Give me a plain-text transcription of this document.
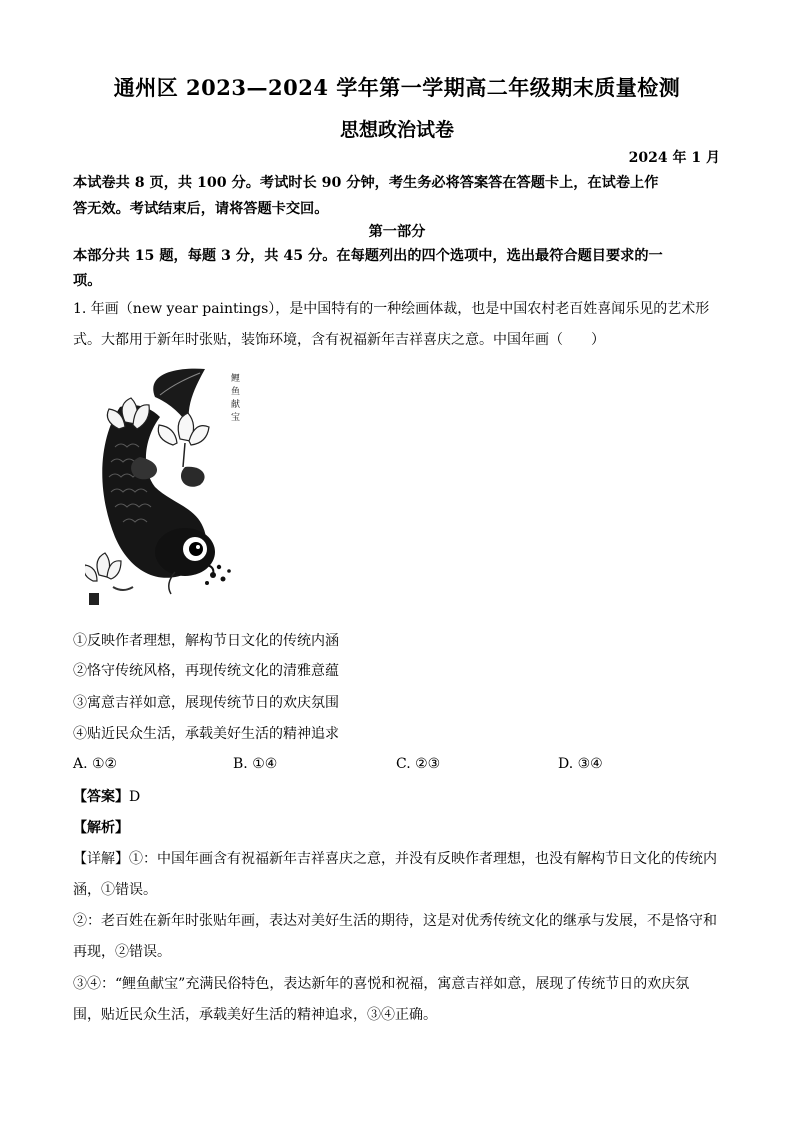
通州区 2023—2024 学年第一学期高二年级期末质量检测
思想政治试卷
2024 年 1 月
本试卷共 8 页，共 100 分。考试时长 90 分钟，考生务必将答案答在答题卡上，在试卷上作
答无效。考试结束后，请将答题卡交回。
第一部分
本部分共 15 题，每题 3 分，共 45 分。在每题列出的四个选项中，选出最符合题目要求的一
项。
1. 年画（new year paintings），是中国特有的一种绘画体裁，也是中国农村老百姓喜闻乐见的艺术形
式。大都用于新年时张贴，装饰环境，含有祝福新年吉祥喜庆之意。中国年画（　　）
鲤
鱼
献
宝
①反映作者理想，解构节日文化的传统内涵
②恪守传统风格，再现传统文化的清雅意蕴
③寓意吉祥如意，展现传统节日的欢庆氛围
④贴近民众生活，承载美好生活的精神追求
A. ①②	B. ①④	C. ②③	D. ③④
【答案】D
【解析】
【详解】①：中国年画含有祝福新年吉祥喜庆之意，并没有反映作者理想，也没有解构节日文化的传统内
涵，①错误。
②：老百姓在新年时张贴年画，表达对美好生活的期待，这是对优秀传统文化的继承与发展，不是恪守和
再现，②错误。
③④：“鲤鱼献宝”充满民俗特色，表达新年的喜悦和祝福，寓意吉祥如意，展现了传统节日的欢庆氛
围，贴近民众生活，承载美好生活的精神追求，③④正确。
